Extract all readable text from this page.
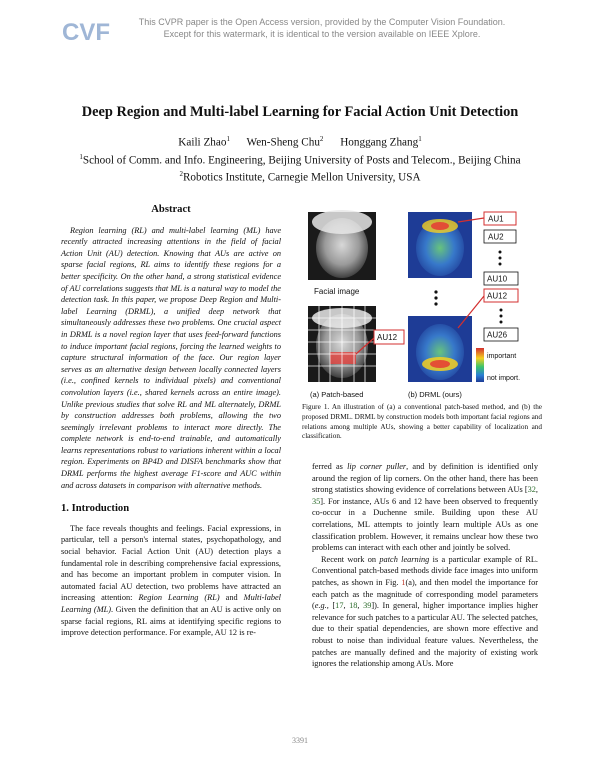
CVF	This CVPR paper is the Open Access version, provided by the Computer Vision Foundation.
Except for this watermark, it is identical to the version available on IEEE Xplore.
Deep Region and Multi-label Learning for Facial Action Unit Detection
Kaili Zhao$^1$ Wen-Sheng Chu$^2$ Honggang Zhang$^1$
$^1$School of Comm. and Info. Engineering, Beijing University of Posts and Telecom., Beijing China
$^2$Robotics Institute, Carnegie Mellon University, USA
Abstract

Region learning (RL) and multi-label learning (ML) have recently attracted increasing attentions in the field of facial Action Unit (AU) detection. Knowing that AUs are active on sparse facial regions, RL aims to identify these regions for a better specificity. On the other hand, a strong statistical evidence of AU correlations suggests that ML is a natural way to model the detection task. In this paper, we propose Deep Region and Multi-label Learning (DRML), a unified deep network that simultaneously addresses these two problems. One crucial aspect in DRML is a novel region layer that uses feed-forward functions to induce important facial regions, forcing the learned weights to capture structural information of the face. Our region layer serves as an alternative design between locally connected layers (i.e., confined kernels to individual pixels) and conventional convolution layers (i.e., shared kernels across an entire image). Unlike previous studies that solve RL and ML alternately, DRML by construction addresses both problems, allowing the two seemingly irrelevant problems to interact more directly. The complete network is end-to-end trainable, and automatically learns representations robust to variations inherent within a local region. Experiments on BP4D and DISFA benchmarks show that DRML performs the highest average F1-score and AUC within and across datasets in comparison with alternative methods.

1. Introduction

The face reveals thoughts and feelings. Facial expressions, in particular, tell a person's internal states, psychopathology, and social behavior. Facial Action Unit (AU) detection plays a fundamental role in describing comprehensive facial expressions, and has become an important problem in computer vision. In automated facial AU detection, two problems have attracted an increasing attention: Region Learning (RL) and Multi-label Learning (ML). Given the definition that an AU is active only on sparse facial regions, RL aims at identifying specific regions to improve detection performance. For example, AU 12 is re-

Facial image
AU12
(a) Patch-based	(b) DRML (ours)
AU1
AU2
AU10
AU12
AU26
important
not import.
Figure 1. An illustration of (a) a conventional patch-based method, and (b) the proposed DRML. DRML by construction models both important facial regions and relations among multiple AUs, showing a better capability of localization and classification.

ferred as lip corner puller, and by definition is identified only around the region of lip corners. On the other hand, there has been strong statistics showing evidence of correlations between AUs [32, 35]. For instance, AUs 6 and 12 have been observed to frequently co-occur in a Duchenne smile. Building upon these AU correlations, ML attempts to jointly learn multiple AUs as one classification problem. However, it remains unclear how these two problems can interact with each other and jointly be solved.

Recent work on patch learning is a particular example of RL. Conventional patch-based methods divide face images into uniform patches, as shown in Fig. 1(a), and then model the importance for each patch as the magnitude of corresponding model parameters (e.g., [17, 18, 39]). In general, higher importance implies higher relevance for such patches to a particular AU. The selected patches, due to their spatial dependencies, are shown more effective and robust to noise than individual feature values. Nevertheless, the patches are manually defined and the majority of existing work ignores the relationship among AUs. More

3391
